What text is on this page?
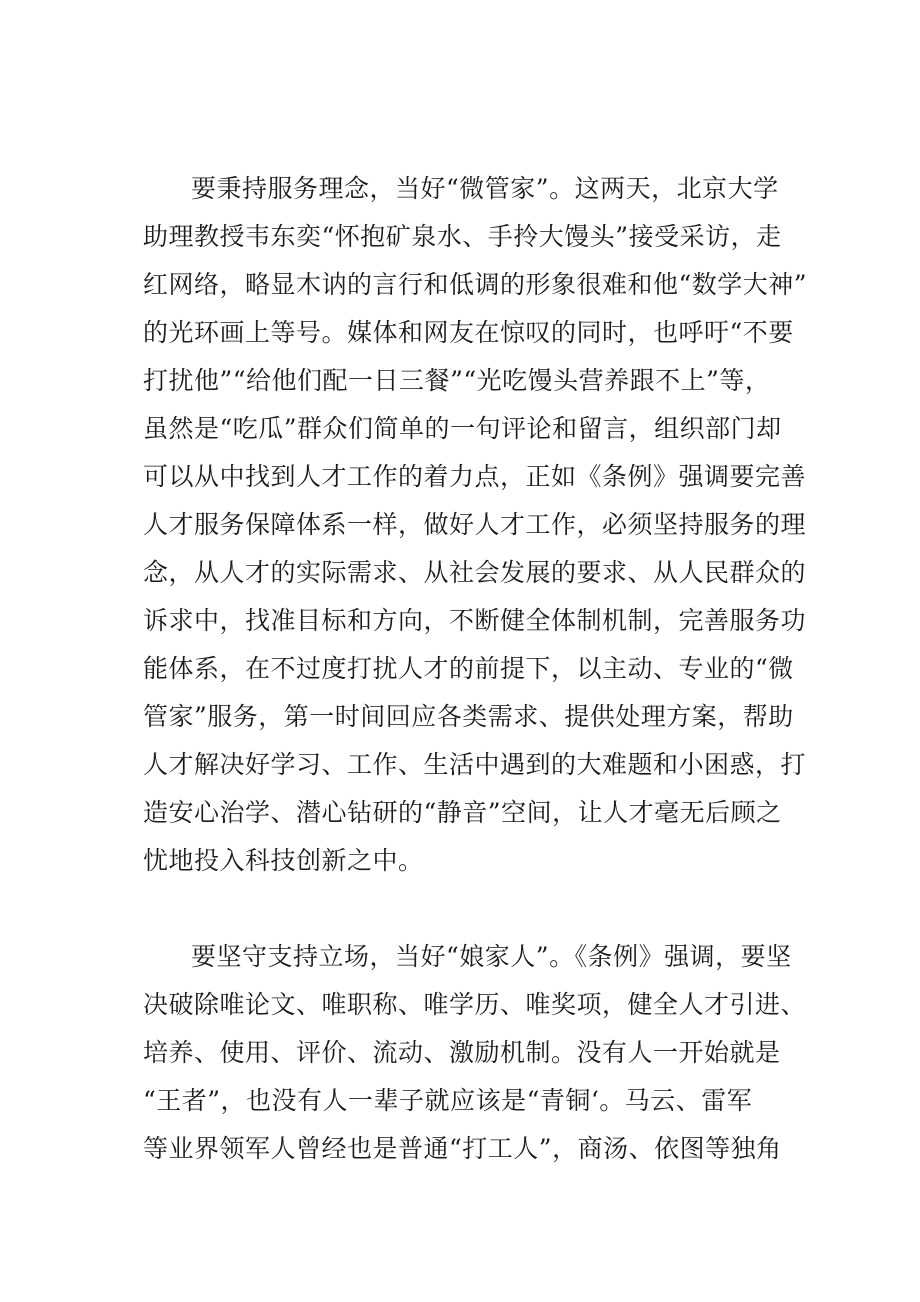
要秉持服务理念，当好“微管家”。这两天，北京大学
助理教授韦东奕“怀抱矿泉水、手拎大馒头”接受采访，走
红网络，略显木讷的言行和低调的形象很难和他“数学大神”
的光环画上等号。媒体和网友在惊叹的同时，也呼吁“不要
打扰他”“给他们配一日三餐”“光吃馒头营养跟不上”等，
虽然是“吃瓜”群众们简单的一句评论和留言，组织部门却
可以从中找到人才工作的着力点，正如《条例》强调要完善
人才服务保障体系一样，做好人才工作，必须坚持服务的理
念，从人才的实际需求、从社会发展的要求、从人民群众的
诉求中，找准目标和方向，不断健全体制机制，完善服务功
能体系，在不过度打扰人才的前提下，以主动、专业的“微
管家”服务，第一时间回应各类需求、提供处理方案，帮助
人才解决好学习、工作、生活中遇到的大难题和小困惑，打
造安心治学、潜心钻研的“静音”空间，让人才毫无后顾之
忧地投入科技创新之中。
要坚守支持立场，当好“娘家人”。《条例》强调，要坚
决破除唯论文、唯职称、唯学历、唯奖项，健全人才引进、
培养、使用、评价、流动、激励机制。没有人一开始就是
“王者”，也没有人一辈子就应该是“青铜‘。马云、雷军
等业界领军人曾经也是普通“打工人”，商汤、依图等独角
